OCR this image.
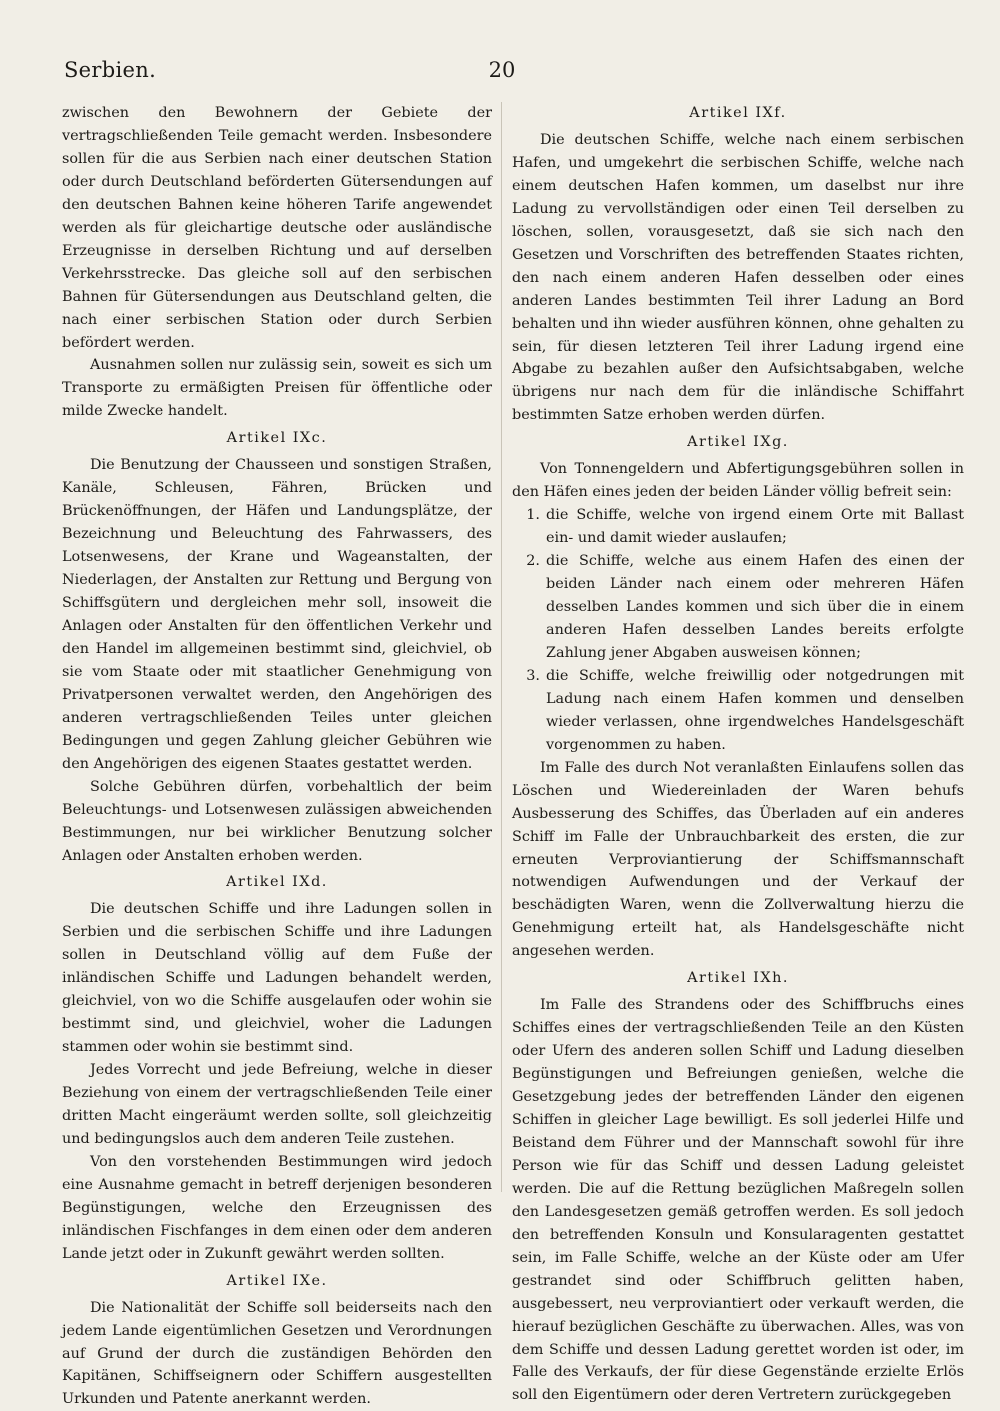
Serbien.	20

zwischen den Bewohnern der Gebiete der vertragschließenden Teile gemacht werden. Insbesondere sollen für die aus Serbien nach einer deutschen Station oder durch Deutschland beförderten Gütersendungen auf den deutschen Bahnen keine höheren Tarife angewendet werden als für gleichartige deutsche oder ausländische Erzeugnisse in derselben Richtung und auf derselben Verkehrsstrecke. Das gleiche soll auf den serbischen Bahnen für Gütersendungen aus Deutschland gelten, die nach einer serbischen Station oder durch Serbien befördert werden.

Ausnahmen sollen nur zulässig sein, soweit es sich um Transporte zu ermäßigten Preisen für öffentliche oder milde Zwecke handelt.

Artikel IXc.

Die Benutzung der Chausseen und sonstigen Straßen, Kanäle, Schleusen, Fähren, Brücken und Brückenöffnungen, der Häfen und Landungsplätze, der Bezeichnung und Beleuchtung des Fahrwassers, des Lotsenwesens, der Krane und Wageanstalten, der Niederlagen, der Anstalten zur Rettung und Bergung von Schiffsgütern und dergleichen mehr soll, insoweit die Anlagen oder Anstalten für den öffentlichen Verkehr und den Handel im allgemeinen bestimmt sind, gleichviel, ob sie vom Staate oder mit staatlicher Genehmigung von Privatpersonen verwaltet werden, den Angehörigen des anderen vertragschließenden Teiles unter gleichen Bedingungen und gegen Zahlung gleicher Gebühren wie den Angehörigen des eigenen Staates gestattet werden.

Solche Gebühren dürfen, vorbehaltlich der beim Beleuchtungs- und Lotsenwesen zulässigen abweichenden Bestimmungen, nur bei wirklicher Benutzung solcher Anlagen oder Anstalten erhoben werden.

Artikel IXd.

Die deutschen Schiffe und ihre Ladungen sollen in Serbien und die serbischen Schiffe und ihre Ladungen sollen in Deutschland völlig auf dem Fuße der inländischen Schiffe und Ladungen behandelt werden, gleichviel, von wo die Schiffe ausgelaufen oder wohin sie bestimmt sind, und gleichviel, woher die Ladungen stammen oder wohin sie bestimmt sind.

Jedes Vorrecht und jede Befreiung, welche in dieser Beziehung von einem der vertragschließenden Teile einer dritten Macht eingeräumt werden sollte, soll gleichzeitig und bedingungslos auch dem anderen Teile zustehen.

Von den vorstehenden Bestimmungen wird jedoch eine Ausnahme gemacht in betreff derjenigen besonderen Begünstigungen, welche den Erzeugnissen des inländischen Fischfanges in dem einen oder dem anderen Lande jetzt oder in Zukunft gewährt werden sollten.

Artikel IXe.

Die Nationalität der Schiffe soll beiderseits nach den jedem Lande eigentümlichen Gesetzen und Verordnungen auf Grund der durch die zuständigen Behörden den Kapitänen, Schiffseignern oder Schiffern ausgestellten Urkunden und Patente anerkannt werden.

Artikel IXf.

Die deutschen Schiffe, welche nach einem serbischen Hafen, und umgekehrt die serbischen Schiffe, welche nach einem deutschen Hafen kommen, um daselbst nur ihre Ladung zu vervollständigen oder einen Teil derselben zu löschen, sollen, vorausgesetzt, daß sie sich nach den Gesetzen und Vorschriften des betreffenden Staates richten, den nach einem anderen Hafen desselben oder eines anderen Landes bestimmten Teil ihrer Ladung an Bord behalten und ihn wieder ausführen können, ohne gehalten zu sein, für diesen letzteren Teil ihrer Ladung irgend eine Abgabe zu bezahlen außer den Aufsichtsabgaben, welche übrigens nur nach dem für die inländische Schiffahrt bestimmten Satze erhoben werden dürfen.

Artikel IXg.

Von Tonnengeldern und Abfertigungsgebühren sollen in den Häfen eines jeden der beiden Länder völlig befreit sein:

1. die Schiffe, welche von irgend einem Orte mit Ballast ein- und damit wieder auslaufen;
2. die Schiffe, welche aus einem Hafen des einen der beiden Länder nach einem oder mehreren Häfen desselben Landes kommen und sich über die in einem anderen Hafen desselben Landes bereits erfolgte Zahlung jener Abgaben ausweisen können;
3. die Schiffe, welche freiwillig oder notgedrungen mit Ladung nach einem Hafen kommen und denselben wieder verlassen, ohne irgendwelches Handelsgeschäft vorgenommen zu haben.

Im Falle des durch Not veranlaßten Einlaufens sollen das Löschen und Wiedereinladen der Waren behufs Ausbesserung des Schiffes, das Überladen auf ein anderes Schiff im Falle der Unbrauchbarkeit des ersten, die zur erneuten Verproviantierung der Schiffsmannschaft notwendigen Aufwendungen und der Verkauf der beschädigten Waren, wenn die Zollverwaltung hierzu die Genehmigung erteilt hat, als Handelsgeschäfte nicht angesehen werden.

Artikel IXh.

Im Falle des Strandens oder des Schiffbruchs eines Schiffes eines der vertragschließenden Teile an den Küsten oder Ufern des anderen sollen Schiff und Ladung dieselben Begünstigungen und Befreiungen genießen, welche die Gesetzgebung jedes der betreffenden Länder den eigenen Schiffen in gleicher Lage bewilligt. Es soll jederlei Hilfe und Beistand dem Führer und der Mannschaft sowohl für ihre Person wie für das Schiff und dessen Ladung geleistet werden. Die auf die Rettung bezüglichen Maßregeln sollen den Landesgesetzen gemäß getroffen werden. Es soll jedoch den betreffenden Konsuln und Konsularagenten gestattet sein, im Falle Schiffe, welche an der Küste oder am Ufer gestrandet sind oder Schiffbruch gelitten haben, ausgebessert, neu verproviantiert oder verkauft werden, die hierauf bezüglichen Geschäfte zu überwachen. Alles, was von dem Schiffe und dessen Ladung gerettet worden ist oder, im Falle des Verkaufs, der für diese Gegenstände erzielte Erlös soll den Eigentümern oder deren Vertretern zurückgegeben
